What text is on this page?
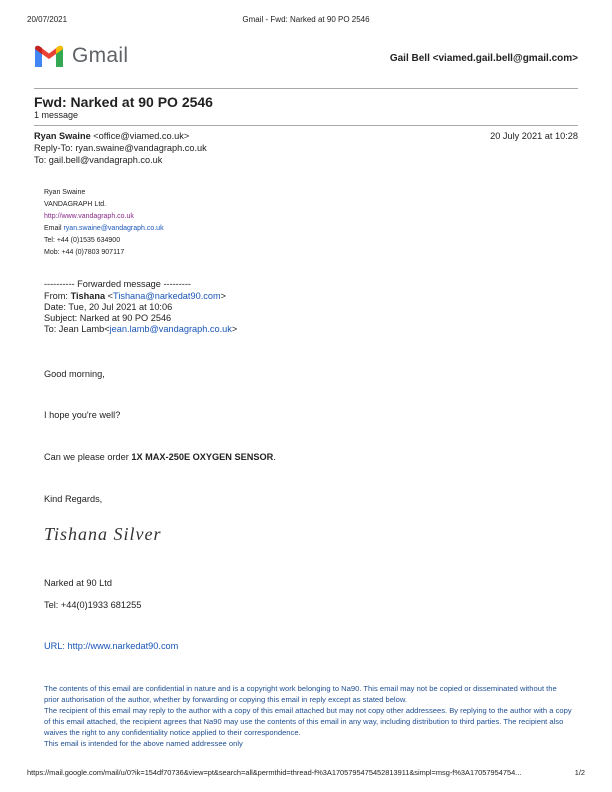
20/07/2021	Gmail - Fwd: Narked at 90 PO 2546
Gmail	Gail Bell <viamed.gail.bell@gmail.com>
Fwd: Narked at 90 PO 2546
1 message
Ryan Swaine <office@viamed.co.uk>	20 July 2021 at 10:28
Reply-To: ryan.swaine@vandagraph.co.uk
To: gail.bell@vandagraph.co.uk
Ryan Swaine
VANDAGRAPH Ltd.
http://www.vandagraph.co.uk
Email ryan.swaine@vandagraph.co.uk
Tel: +44 (0)1535 634900
Mob: +44 (0)7803 907117
---------- Forwarded message ---------
From: Tishana <Tishana@narkedat90.com>
Date: Tue, 20 Jul 2021 at 10:06
Subject: Narked at 90 PO 2546
To: Jean Lamb<jean.lamb@vandagraph.co.uk>
Good morning,
I hope you're well?
Can we please order 1X MAX-250E OXYGEN SENSOR.
Kind Regards,
Tishana Silver
Narked at 90 Ltd
Tel: +44(0)1933 681255
URL: http://www.narkedat90.com

The contents of this email are confidential in nature and is a copyright work belonging to Na90. This email may not be copied or disseminated without the prior authorisation of the author, whether by forwarding or copying this email in reply except as stated below.

The recipient of this email may reply to the author with a copy of this email attached but may not copy other addressees. By replying to the author with a copy of this email attached, the recipient agrees that Na90 may use the contents of this email in any way, including distribution to third parties. The recipient also waives the right to any confidentiality notice applied to their correspondence.

This email is intended for the above named addressee only

https://mail.google.com/mail/u/0?ik=154df70736&view=pt&search=all&permthid=thread-f%3A1705795475452813911&simpl=msg-f%3A17057954754...	1/2
